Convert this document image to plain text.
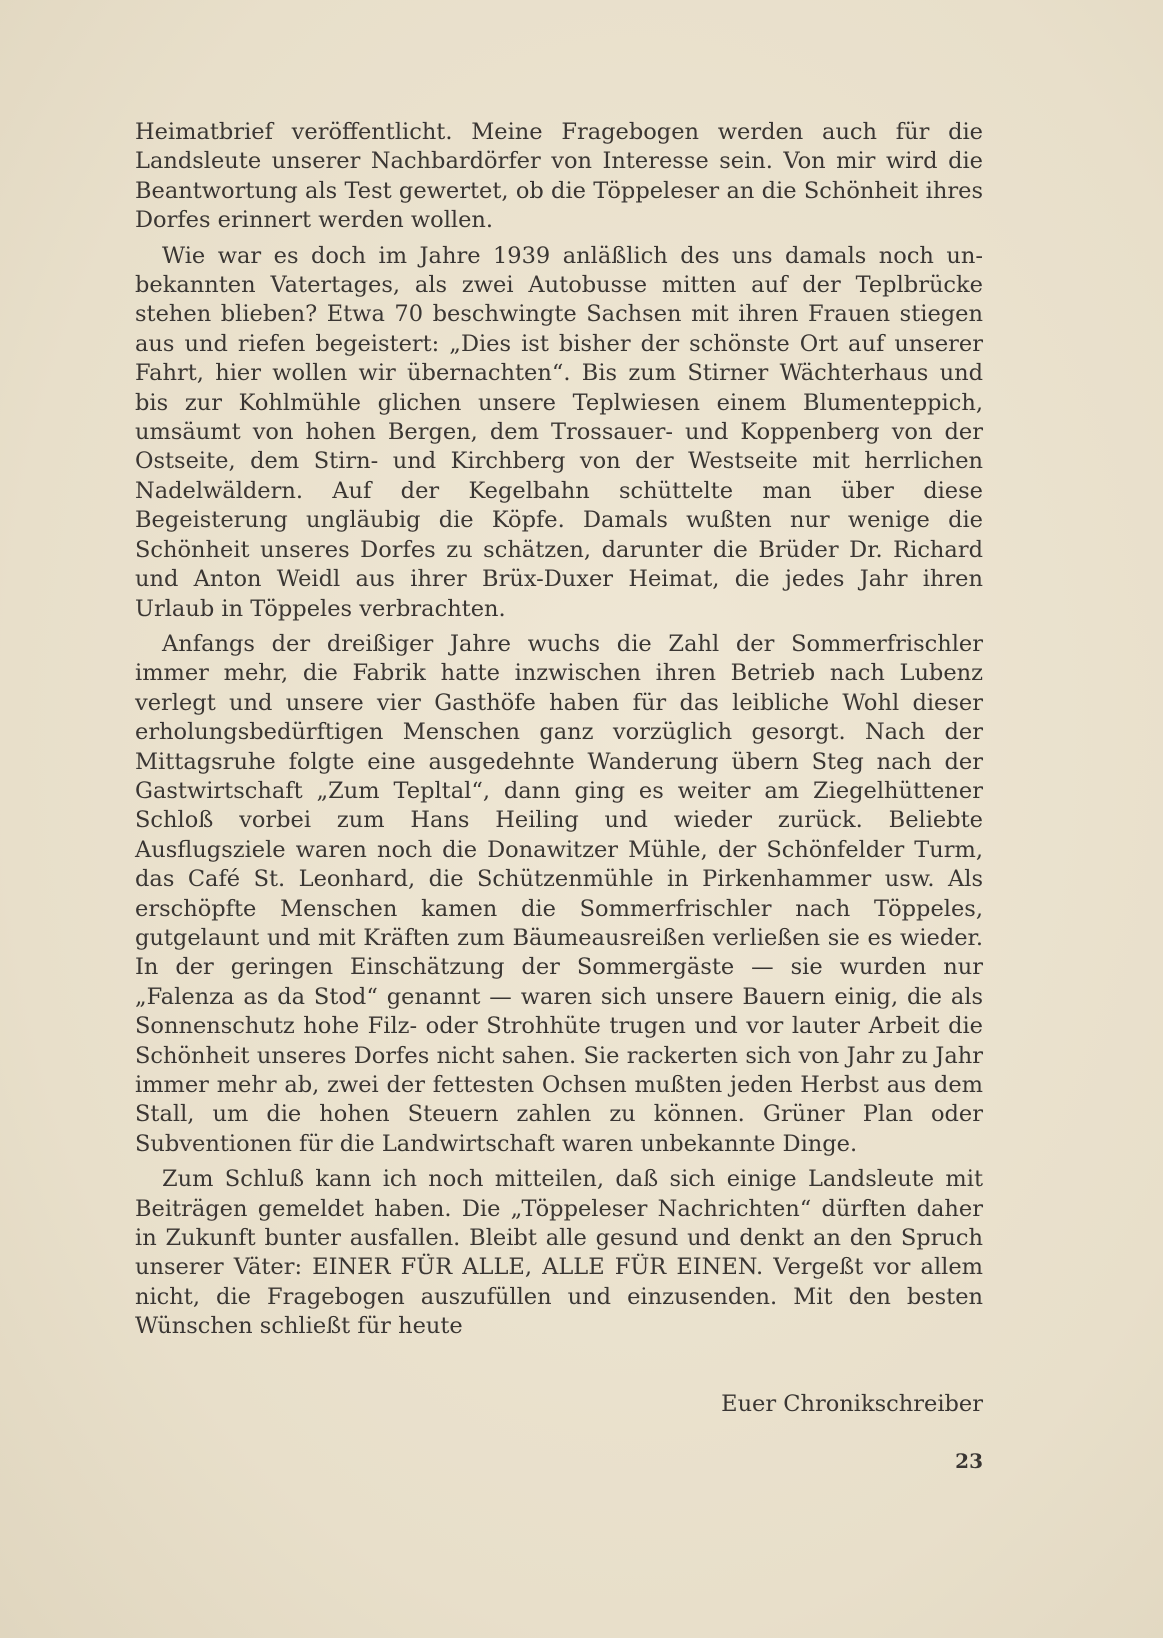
Heimatbrief veröffentlicht. Meine Fragebogen werden auch für die Landsleute unserer Nachbardörfer von Interesse sein. Von mir wird die Beantwortung als Test gewertet, ob die Töppeleser an die Schönheit ihres Dorfes erinnert werden wollen.

Wie war es doch im Jahre 1939 anläßlich des uns damals noch unbekannten Vatertages, als zwei Autobusse mitten auf der Teplbrücke stehen blieben? Etwa 70 beschwingte Sachsen mit ihren Frauen stiegen aus und riefen begeistert: „Dies ist bisher der schönste Ort auf unserer Fahrt, hier wollen wir übernachten“. Bis zum Stirner Wächterhaus und bis zur Kohlmühle glichen unsere Teplwiesen einem Blumenteppich, umsäumt von hohen Bergen, dem Trossauer- und Koppenberg von der Ostseite, dem Stirn- und Kirchberg von der Westseite mit herrlichen Nadelwäldern. Auf der Kegelbahn schüttelte man über diese Begeisterung ungläubig die Köpfe. Damals wußten nur wenige die Schönheit unseres Dorfes zu schätzen, darunter die Brüder Dr. Richard und Anton Weidl aus ihrer Brüx-Duxer Heimat, die jedes Jahr ihren Urlaub in Töppeles verbrachten.

Anfangs der dreißiger Jahre wuchs die Zahl der Sommerfrischler immer mehr, die Fabrik hatte inzwischen ihren Betrieb nach Lubenz verlegt und unsere vier Gasthöfe haben für das leibliche Wohl dieser erholungsbedürftigen Menschen ganz vorzüglich gesorgt. Nach der Mittagsruhe folgte eine ausgedehnte Wanderung übern Steg nach der Gastwirtschaft „Zum Tepltal“, dann ging es weiter am Ziegelhüttener Schloß vorbei zum Hans Heiling und wieder zurück. Beliebte Ausflugsziele waren noch die Donawitzer Mühle, der Schönfelder Turm, das Café St. Leonhard, die Schützenmühle in Pirkenhammer usw. Als erschöpfte Menschen kamen die Sommerfrischler nach Töppeles, gutgelaunt und mit Kräften zum Bäumeausreißen verließen sie es wieder. In der geringen Einschätzung der Sommergäste — sie wurden nur „Falenza as da Stod“ genannt — waren sich unsere Bauern einig, die als Sonnenschutz hohe Filz- oder Strohhüte trugen und vor lauter Arbeit die Schönheit unseres Dorfes nicht sahen. Sie rackerten sich von Jahr zu Jahr immer mehr ab, zwei der fettesten Ochsen mußten jeden Herbst aus dem Stall, um die hohen Steuern zahlen zu können. Grüner Plan oder Subventionen für die Landwirtschaft waren unbekannte Dinge.

Zum Schluß kann ich noch mitteilen, daß sich einige Landsleute mit Beiträgen gemeldet haben. Die „Töppeleser Nachrichten“ dürften daher in Zukunft bunter ausfallen. Bleibt alle gesund und denkt an den Spruch unserer Väter: EINER FÜR ALLE, ALLE FÜR EINEN. Vergeßt vor allem nicht, die Fragebogen auszufüllen und einzusenden. Mit den besten Wünschen schließt für heute

Euer Chronikschreiber
23
